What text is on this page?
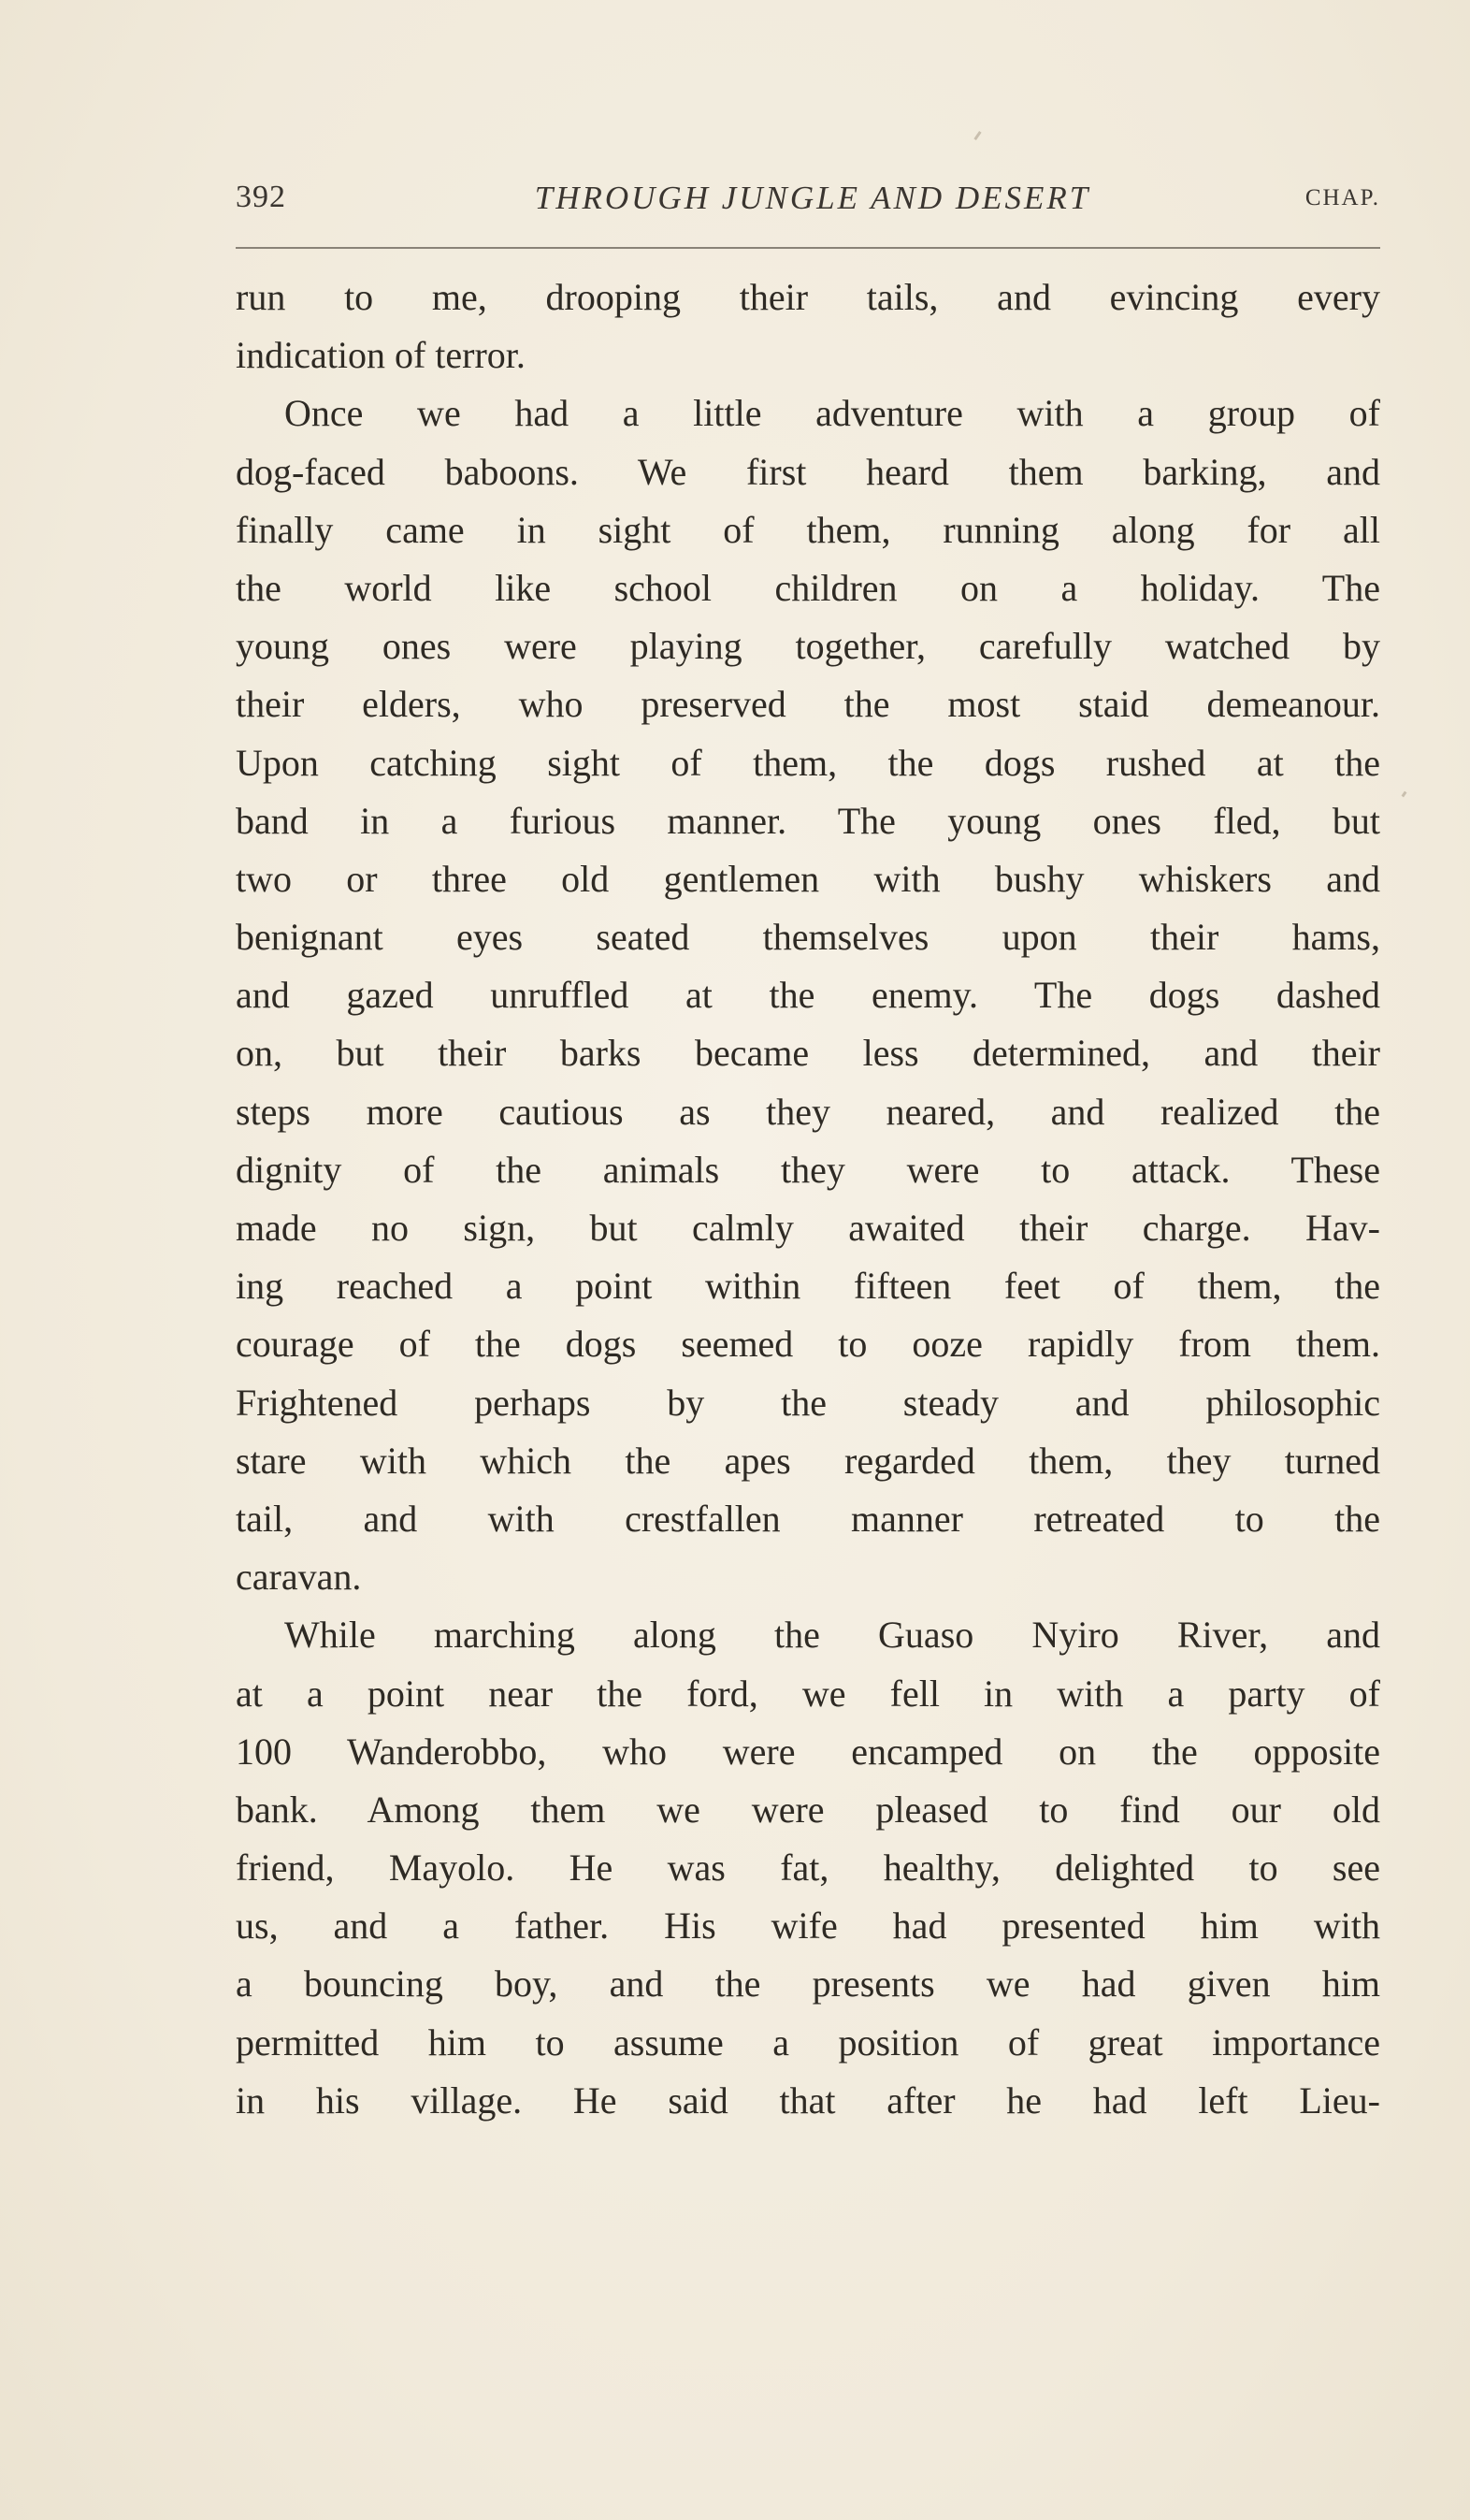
392	THROUGH JUNGLE AND DESERT	CHAP.
run to me, drooping their tails, and evincing every
indication of terror.
Once we had a little adventure with a group of
dog-faced baboons. We first heard them barking, and
finally came in sight of them, running along for all
the world like school children on a holiday. The
young ones were playing together, carefully watched by
their elders, who preserved the most staid demeanour.
Upon catching sight of them, the dogs rushed at the
band in a furious manner. The young ones fled, but
two or three old gentlemen with bushy whiskers and
benignant eyes seated themselves upon their hams,
and gazed unruffled at the enemy. The dogs dashed
on, but their barks became less determined, and their
steps more cautious as they neared, and realized the
dignity of the animals they were to attack. These
made no sign, but calmly awaited their charge. Hav-
ing reached a point within fifteen feet of them, the
courage of the dogs seemed to ooze rapidly from them.
Frightened perhaps by the steady and philosophic
stare with which the apes regarded them, they turned
tail, and with crestfallen manner retreated to the
caravan.
While marching along the Guaso Nyiro River, and
at a point near the ford, we fell in with a party of
100 Wanderobbo, who were encamped on the opposite
bank. Among them we were pleased to find our old
friend, Mayolo. He was fat, healthy, delighted to see
us, and a father. His wife had presented him with
a bouncing boy, and the presents we had given him
permitted him to assume a position of great importance
in his village. He said that after he had left Lieu-
